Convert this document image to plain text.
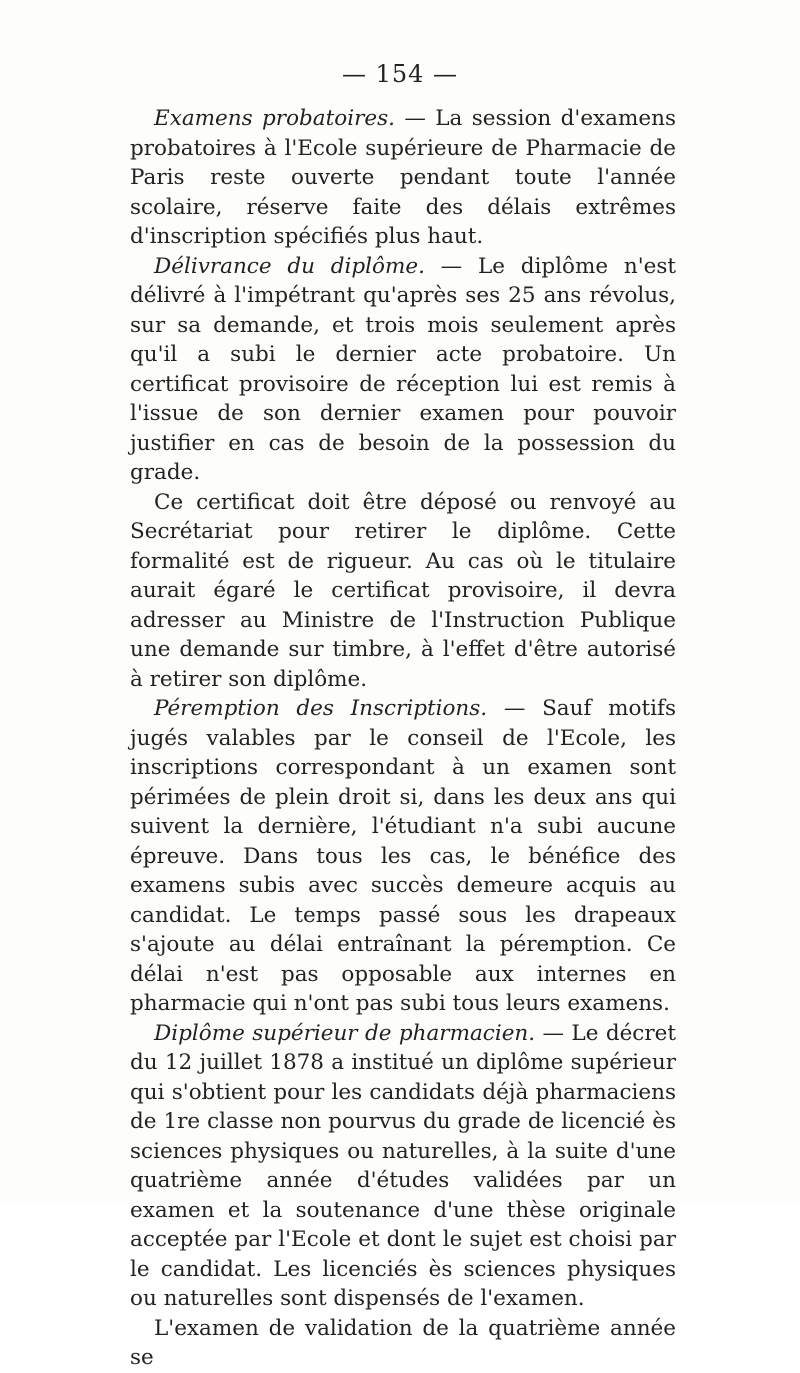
— 154 —

Examens probatoires. — La session d'examens probatoires à l'Ecole supérieure de Pharmacie de Paris reste ouverte pendant toute l'année scolaire, réserve faite des délais extrêmes d'inscription spécifiés plus haut.

Délivrance du diplôme. — Le diplôme n'est délivré à l'impétrant qu'après ses 25 ans révolus, sur sa demande, et trois mois seulement après qu'il a subi le dernier acte probatoire. Un certificat provisoire de réception lui est remis à l'issue de son dernier examen pour pouvoir justifier en cas de besoin de la possession du grade.

Ce certificat doit être déposé ou renvoyé au Secrétariat pour retirer le diplôme. Cette formalité est de rigueur. Au cas où le titulaire aurait égaré le certificat provisoire, il devra adresser au Ministre de l'Instruction Publique une demande sur timbre, à l'effet d'être autorisé à retirer son diplôme.

Péremption des Inscriptions. — Sauf motifs jugés valables par le conseil de l'Ecole, les inscriptions correspondant à un examen sont périmées de plein droit si, dans les deux ans qui suivent la dernière, l'étudiant n'a subi aucune épreuve. Dans tous les cas, le bénéfice des examens subis avec succès demeure acquis au candidat. Le temps passé sous les drapeaux s'ajoute au délai entraînant la péremption. Ce délai n'est pas opposable aux internes en pharmacie qui n'ont pas subi tous leurs examens.

Diplôme supérieur de pharmacien. — Le décret du 12 juillet 1878 a institué un diplôme supérieur qui s'obtient pour les candidats déjà pharmaciens de 1re classe non pourvus du grade de licencié ès sciences physiques ou naturelles, à la suite d'une quatrième année d'études validées par un examen et la soutenance d'une thèse originale acceptée par l'Ecole et dont le sujet est choisi par le candidat. Les licenciés ès sciences physiques ou naturelles sont dispensés de l'examen.

L'examen de validation de la quatrième année se
